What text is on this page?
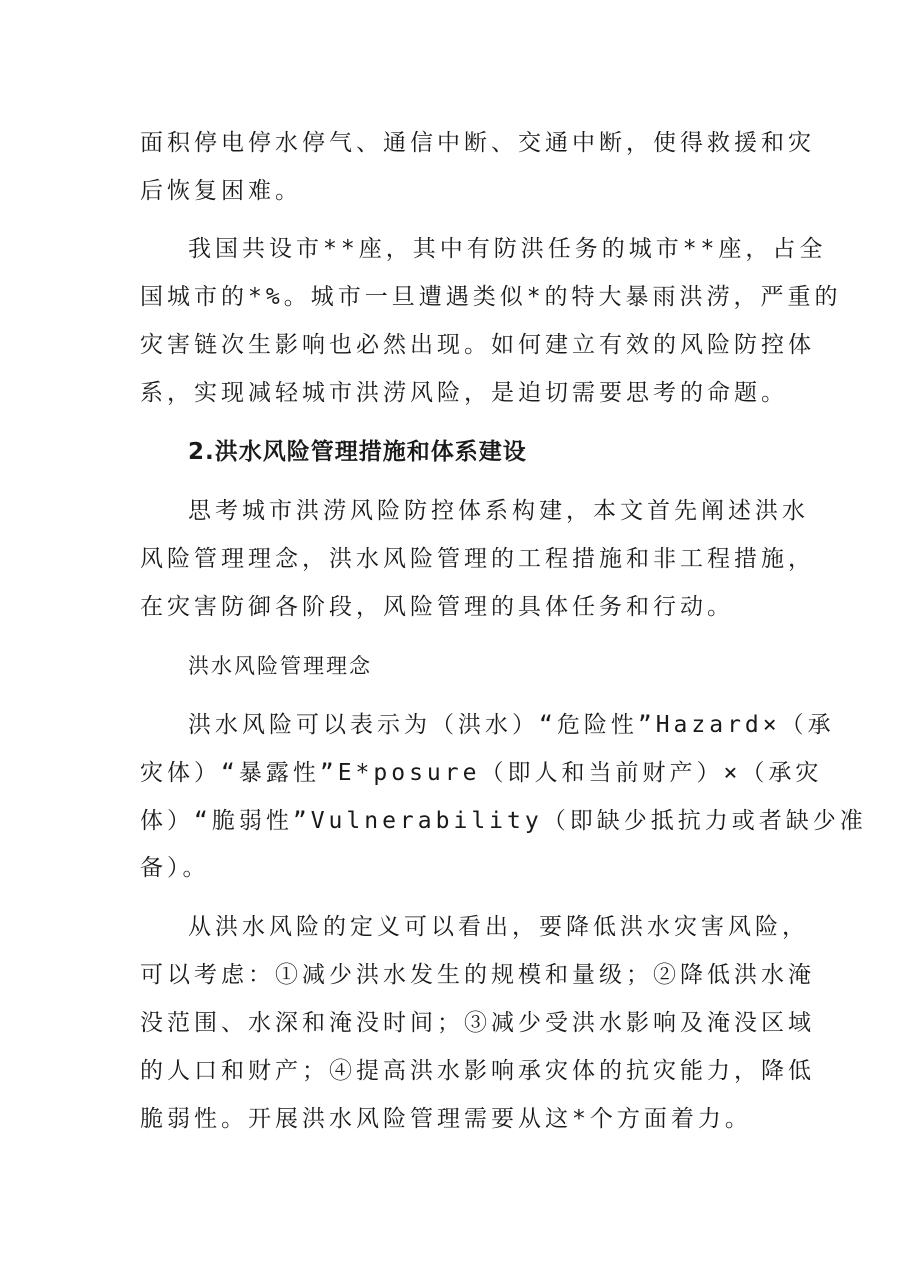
面积停电停水停气、通信中断、交通中断，使得救援和灾
后恢复困难。
我国共设市**座，其中有防洪任务的城市**座，占全
国城市的*%。城市一旦遭遇类似*的特大暴雨洪涝，严重的
灾害链次生影响也必然出现。如何建立有效的风险防控体
系，实现减轻城市洪涝风险，是迫切需要思考的命题。
2.洪水风险管理措施和体系建设
思考城市洪涝风险防控体系构建，本文首先阐述洪水
风险管理理念，洪水风险管理的工程措施和非工程措施，
在灾害防御各阶段，风险管理的具体任务和行动。
洪水风险管理理念
洪水风险可以表示为（洪水）“危险性”Hazard×（承
灾体）“暴露性”E*posure（即人和当前财产）×（承灾
体）“脆弱性”Vulnerability（即缺少抵抗力或者缺少准
备）。
从洪水风险的定义可以看出，要降低洪水灾害风险，
可以考虑：①减少洪水发生的规模和量级；②降低洪水淹
没范围、水深和淹没时间；③减少受洪水影响及淹没区域
的人口和财产；④提高洪水影响承灾体的抗灾能力，降低
脆弱性。开展洪水风险管理需要从这*个方面着力。
